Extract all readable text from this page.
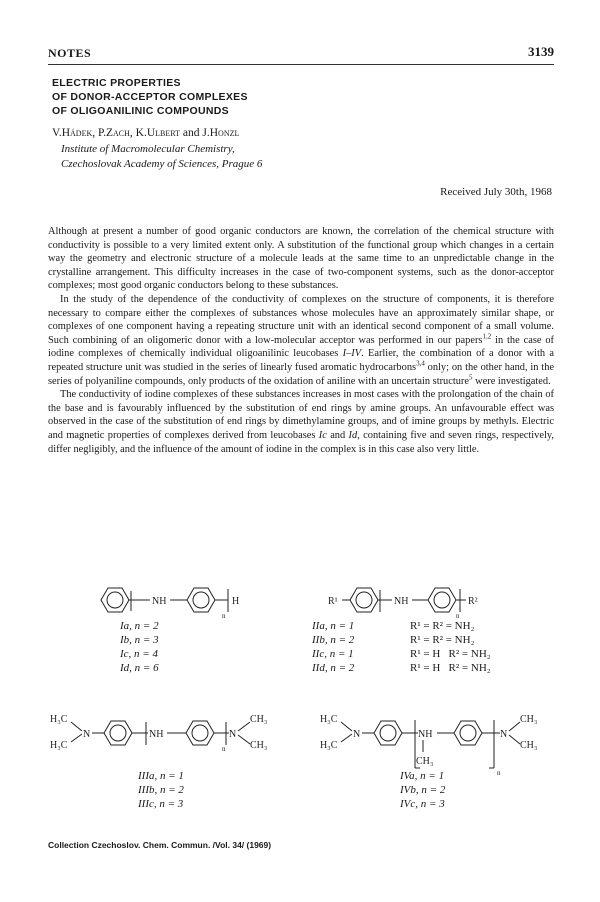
NOTES	3139
ELECTRIC PROPERTIES
OF DONOR-ACCEPTOR COMPLEXES
OF OLIGOANILINIC COMPOUNDS
V.Hádek, P.Zach, K.Ulbert and J.Honzl
Institute of Macromolecular Chemistry,
Czechoslovak Academy of Sciences, Prague 6
Received July 30th, 1968

Although at present a number of good organic conductors are known, the correlation of the chemical structure with conductivity is possible to a very limited extent only. A substitution of the functional group which changes in a certain way the geometry and electronic structure of a molecule leads at the same time to an unpredictable change in the crystalline arrangement. This difficulty increases in the case of two-component systems, such as the donor-acceptor complexes; most good organic conductors belong to these substances.

In the study of the dependence of the conductivity of complexes on the structure of components, it is therefore necessary to compare either the complexes of substances whose molecules have an approximately similar shape, or complexes of one component having a repeating structure unit with an identical second component of a small volume. Such combining of an oligomeric donor with a low-molecular acceptor was performed in our papers$^{1,2}$ in the case of iodine complexes of chemically individual oligoanilinic leucobases I–IV. Earlier, the combination of a donor with a repeated structure unit was studied in the series of linearly fused aromatic hydrocarbons$^{3,4}$ only; on the other hand, in the series of polyaniline compounds, only products of the oxidation of aniline with an uncertain structure$^5$ were investigated.

The conductivity of iodine complexes of these substances increases in most cases with the prolongation of the chain of the base and is favourably influenced by the substitution of end rings by amine groups. An unfavourable effect was observed in the case of the substitution of end rings by dimethylamine groups, and of imine groups by methyls. Electric and magnetic properties of complexes derived from leucobases Ic and Id, containing five and seven rings, respectively, differ negligibly, and the influence of the amount of iodine in the complex is in this case also very little.

NH	H
n
R¹	NH	R²
n
H₃C
H₃C
N	NH	N
CH₃
CH₃
n
H₃C
H₃C
N	NH
CH₃
N
CH₃
CH₃
n
Ia, n = 2
Ib, n = 3
Ic, n = 4
Id, n = 6
IIa, n = 1	R¹ = R² = NH₂
IIb, n = 2	R¹ = R² = NH₂
IIc, n = 1	R¹ = H   R² = NH₂
IId, n = 2	R¹ = H   R² = NH₂
IIIa, n = 1
IIIb, n = 2
IIIc, n = 3
IVa, n = 1
IVb, n = 2
IVc, n = 3
Collection Czechoslov. Chem. Commun. /Vol. 34/ (1969)
